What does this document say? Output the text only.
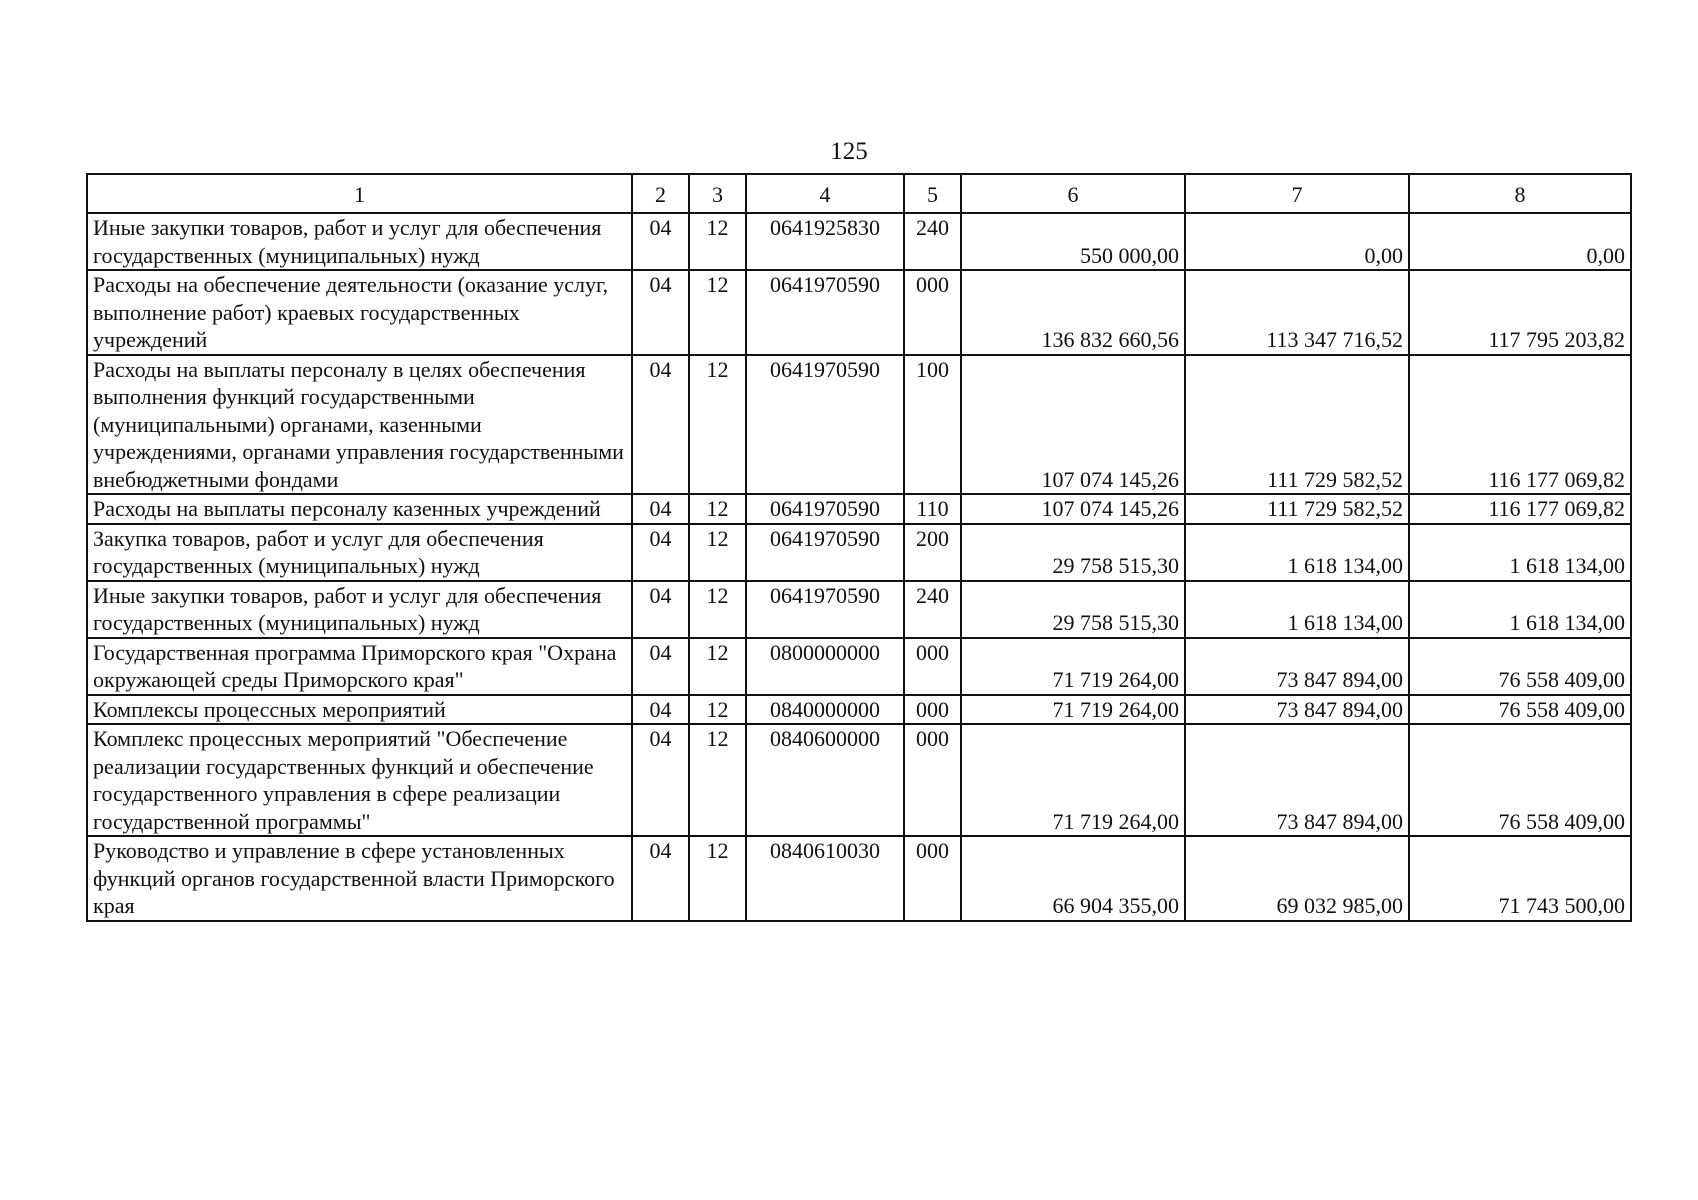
125
1	2	3	4	5	6	7	8
Иные закупки товаров, работ и услуг для обеспечения государственных (муниципальных) нужд	04	12	0641925830	240	550 000,00	0,00	0,00
Расходы на обеспечение деятельности (оказание услуг, выполнение работ) краевых государственных учреждений	04	12	0641970590	000	136 832 660,56	113 347 716,52	117 795 203,82
Расходы на выплаты персоналу в целях обеспечения выполнения функций государственными (муниципальными) органами, казенными учреждениями, органами управления государственными внебюджетными фондами	04	12	0641970590	100	107 074 145,26	111 729 582,52	116 177 069,82
Расходы на выплаты персоналу казенных учреждений	04	12	0641970590	110	107 074 145,26	111 729 582,52	116 177 069,82
Закупка товаров, работ и услуг для обеспечения государственных (муниципальных) нужд	04	12	0641970590	200	29 758 515,30	1 618 134,00	1 618 134,00
Иные закупки товаров, работ и услуг для обеспечения государственных (муниципальных) нужд	04	12	0641970590	240	29 758 515,30	1 618 134,00	1 618 134,00
Государственная программа Приморского края "Охрана окружающей среды Приморского края"	04	12	0800000000	000	71 719 264,00	73 847 894,00	76 558 409,00
Комплексы процессных мероприятий	04	12	0840000000	000	71 719 264,00	73 847 894,00	76 558 409,00
Комплекс процессных мероприятий "Обеспечение реализации государственных функций и обеспечение государственного управления в сфере реализации государственной программы"	04	12	0840600000	000	71 719 264,00	73 847 894,00	76 558 409,00
Руководство и управление в сфере установленных функций органов государственной власти Приморского края	04	12	0840610030	000	66 904 355,00	69 032 985,00	71 743 500,00
